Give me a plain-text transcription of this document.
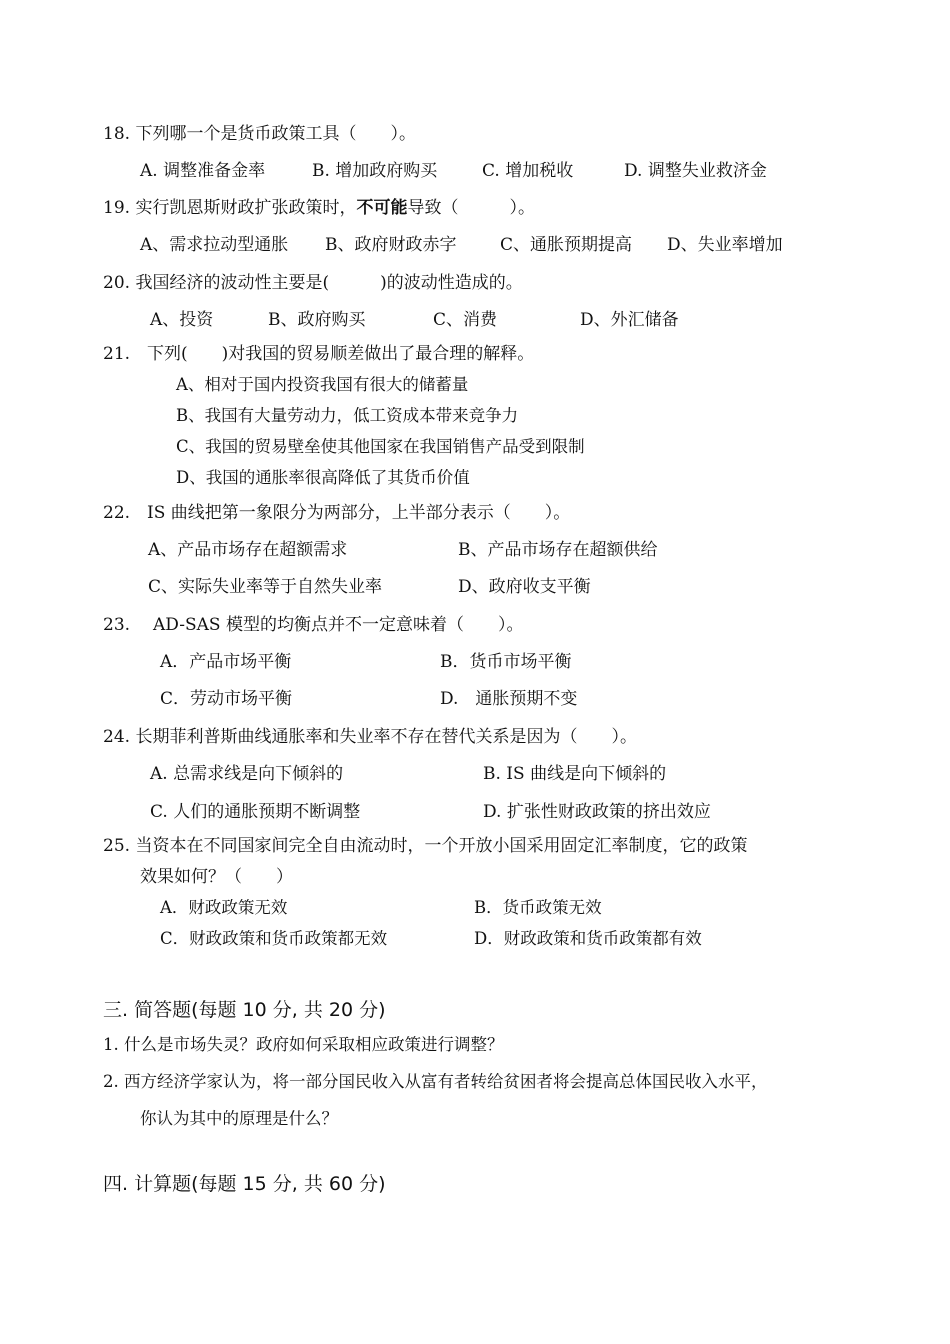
18. 下列哪一个是货币政策工具（　　）。
A. 调整准备金率	B. 增加政府购买	C. 增加税收	D. 调整失业救济金
19. 实行凯恩斯财政扩张政策时，不可能导致（　　　）。
A、需求拉动型通胀 B、政府财政赤字	C、通胀预期提高 D、失业率增加
20. 我国经济的波动性主要是(　　　)的波动性造成的。
A、投资	B、政府购买	C、消费	D、外汇储备
21.　下列(　　)对我国的贸易顺差做出了最合理的解释。
A、相对于国内投资我国有很大的储蓄量
B、我国有大量劳动力，低工资成本带来竞争力
C、我国的贸易壁垒使其他国家在我国销售产品受到限制
D、我国的通胀率很高降低了其货币价值
22.　IS 曲线把第一象限分为两部分，上半部分表示（　　）。
A、产品市场存在超额需求	B、产品市场存在超额供给
C、实际失业率等于自然失业率	D、政府收支平衡
23. AD-SAS 模型的均衡点并不一定意味着（　　）。
A．产品市场平衡	B．货币市场平衡
C．劳动市场平衡	D.　通胀预期不变
24. 长期菲利普斯曲线通胀率和失业率不存在替代关系是因为（　　）。
A. 总需求线是向下倾斜的	B. IS 曲线是向下倾斜的
C. 人们的通胀预期不断调整	D. 扩张性财政政策的挤出效应
25. 当资本在不同国家间完全自由流动时，一个开放小国采用固定汇率制度，它的政策
效果如何？（　　）
A．财政政策无效	B．货币政策无效
C．财政政策和货币政策都无效	D．财政政策和货币政策都有效
三. 简答题(每题 10 分, 共 20 分)
1. 什么是市场失灵？政府如何采取相应政策进行调整？
2. 西方经济学家认为，将一部分国民收入从富有者转给贫困者将会提高总体国民收入水平，
你认为其中的原理是什么？
四. 计算题(每题 15 分, 共 60 分)
